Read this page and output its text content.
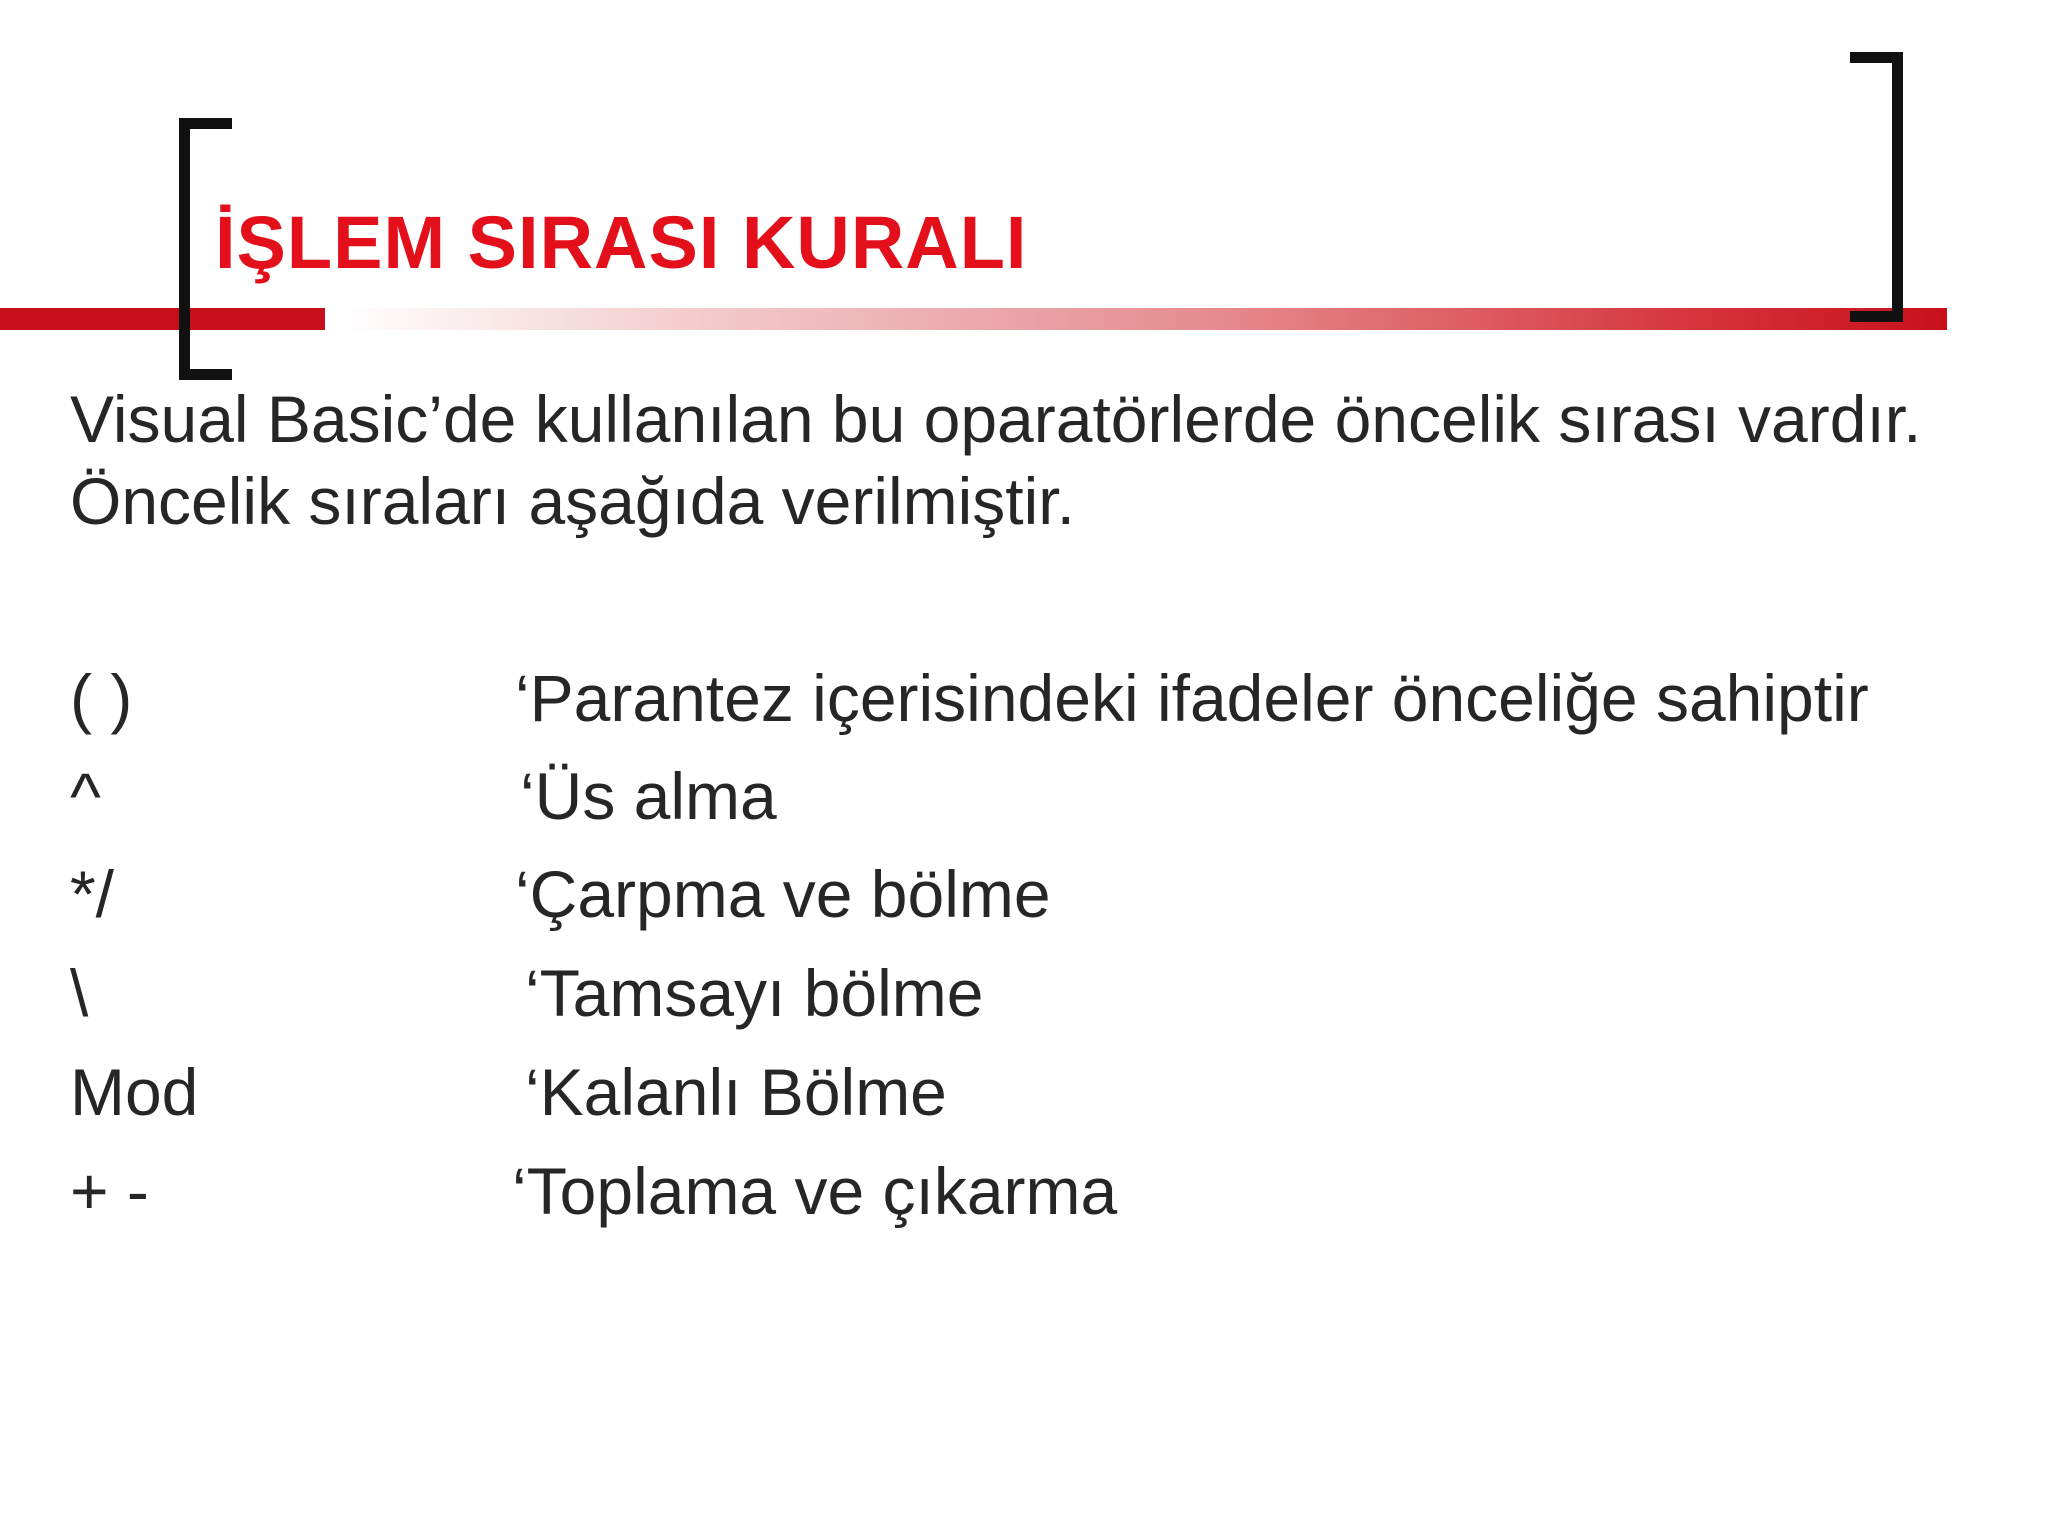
İŞLEM SIRASI KURALI

Visual Basic’de kullanılan bu oparatörlerde öncelik sırası vardır. Öncelik sıraları aşağıda verilmiştir.

( )	‘Parantez içerisindeki ifadeler önceliğe sahiptir
^	‘Üs alma
*/	‘Çarpma ve bölme
\	‘Tamsayı bölme
Mod	‘Kalanlı Bölme
+ -	‘Toplama ve çıkarma
